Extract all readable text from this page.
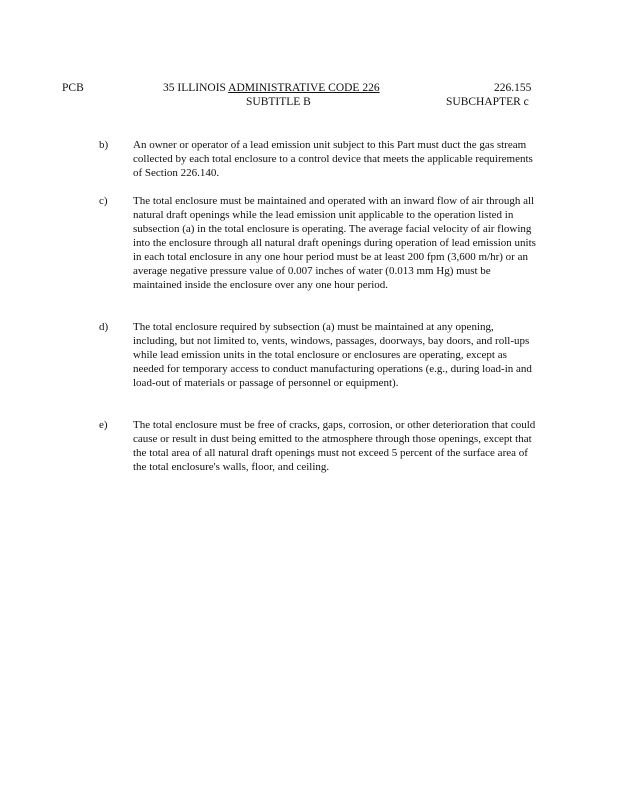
PCB	35 ILLINOIS ADMINISTRATIVE CODE 226
SUBTITLE B
226.155
SUBCHAPTER c
b)	An owner or operator of a lead emission unit subject to this Part must duct the gas stream collected by each total enclosure to a control device that meets the applicable requirements of Section 226.140.
c)	The total enclosure must be maintained and operated with an inward flow of air through all natural draft openings while the lead emission unit applicable to the operation listed in subsection (a) in the total enclosure is operating. The average facial velocity of air flowing into the enclosure through all natural draft openings during operation of lead emission units in each total enclosure in any one hour period must be at least 200 fpm (3,600 m/hr) or an average negative pressure value of 0.007 inches of water (0.013 mm Hg) must be maintained inside the enclosure over any one hour period.
d)	The total enclosure required by subsection (a) must be maintained at any opening, including, but not limited to, vents, windows, passages, doorways, bay doors, and roll-ups while lead emission units in the total enclosure or enclosures are operating, except as needed for temporary access to conduct manufacturing operations (e.g., during load-in and load-out of materials or passage of personnel or equipment).
e)	The total enclosure must be free of cracks, gaps, corrosion, or other deterioration that could cause or result in dust being emitted to the atmosphere through those openings, except that the total area of all natural draft openings must not exceed 5 percent of the surface area of the total enclosure's walls, floor, and ceiling.
